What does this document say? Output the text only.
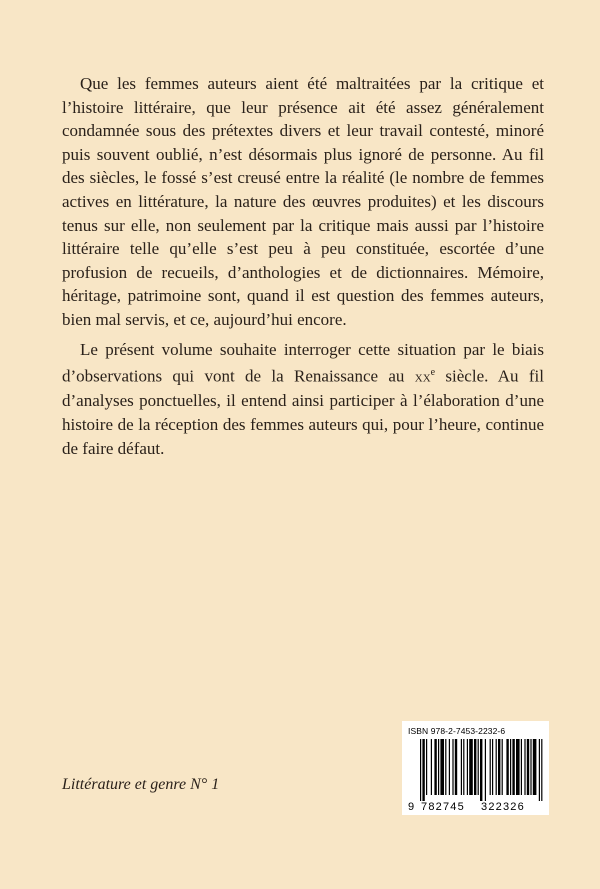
Que les femmes auteurs aient été maltraitées par la critique et l’histoire littéraire, que leur présence ait été assez généralement condamnée sous des prétextes divers et leur travail contesté, minoré puis souvent oublié, n’est désormais plus ignoré de personne. Au fil des siècles, le fossé s’est creusé entre la réalité (le nombre de femmes actives en littérature, la nature des œuvres produites) et les discours tenus sur elle, non seulement par la critique mais aussi par l’histoire littéraire telle qu’elle s’est peu à peu constituée, escortée d’une profusion de recueils, d’anthologies et de dictionnaires. Mémoire, héritage, patrimoine sont, quand il est question des femmes auteurs, bien mal servis, et ce, aujourd’hui encore.

Le présent volume souhaite interroger cette situation par le biais d’observations qui vont de la Renaissance au $xx^e$ siècle. Au fil d’analyses ponctuelles, il entend ainsi participer à l’élaboration d’une histoire de la réception des femmes auteurs qui, pour l’heure, continue de faire défaut.

Littérature et genre N° 1
ISBN 978-2-7453-2232-6
9 782745 322326
